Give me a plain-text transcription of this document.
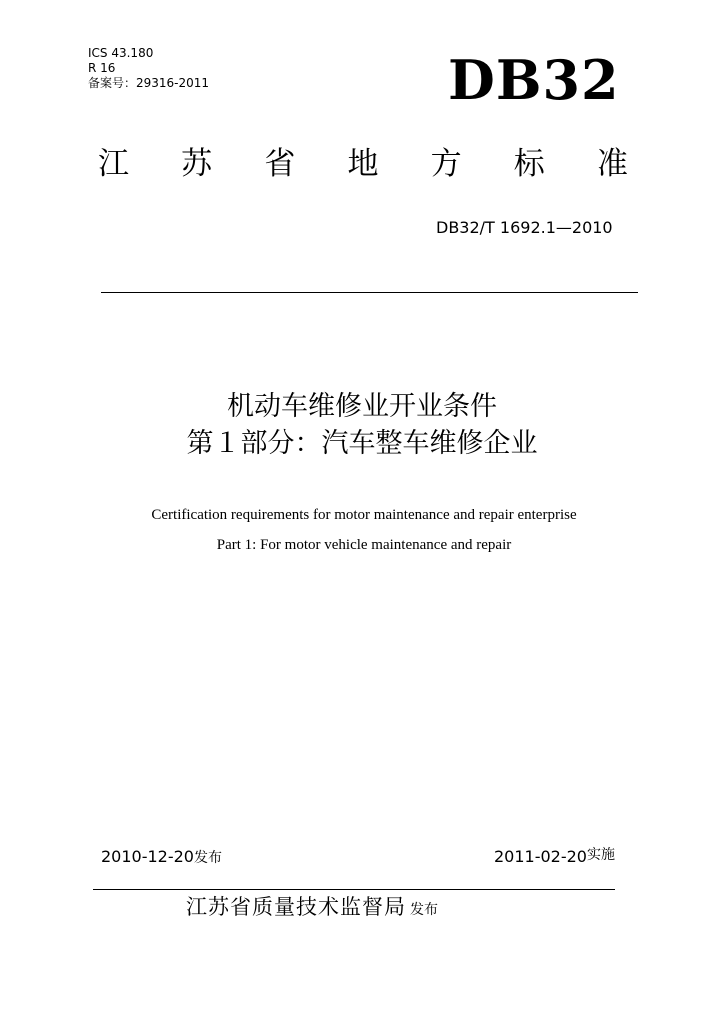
ICS 43.180
R 16
备案号：29316-2011	DB32
江 苏 省 地 方 标 准
DB32/T 1692.1—2010
机动车维修业开业条件
第１部分：汽车整车维修企业
Certification requirements for motor maintenance and repair enterprise
Part 1: For motor vehicle maintenance and repair
2010-12-20发布	2011-02-20实施
江苏省质量技术监督局 发布
